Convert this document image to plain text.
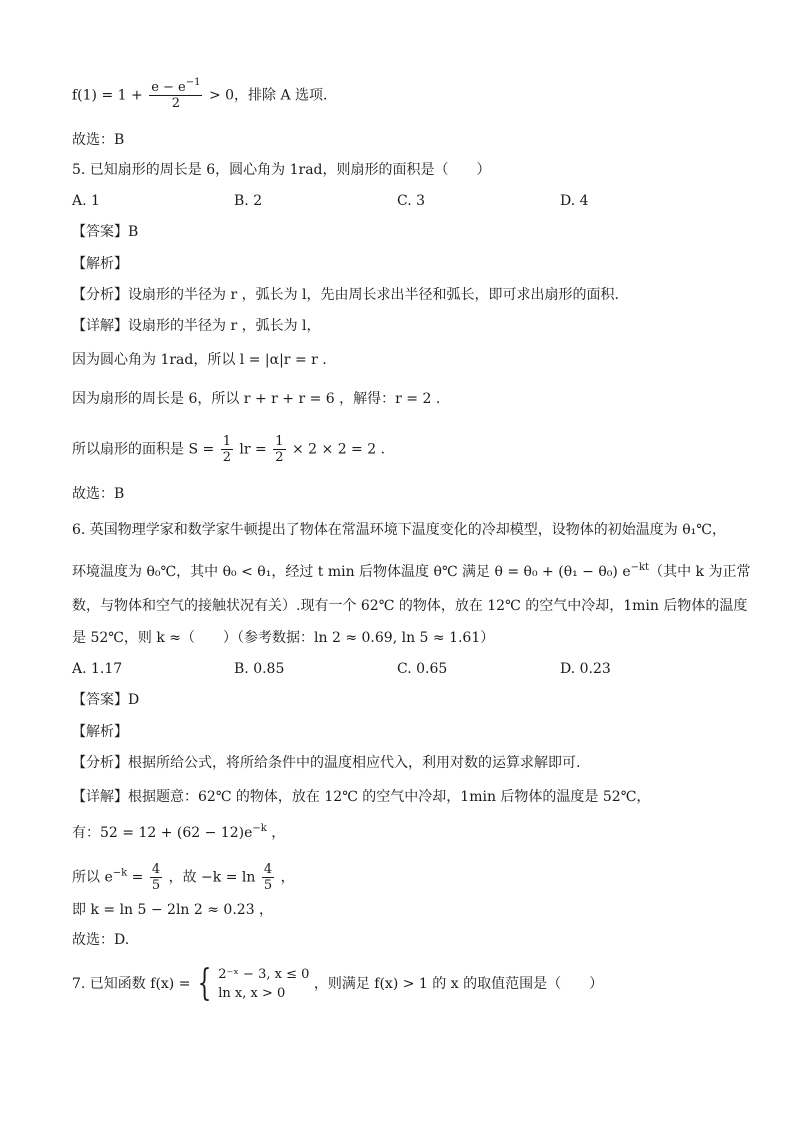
$f(1) = 1 + \frac{e - e^{-1}}{2} > 0$，排除 A 选项.
故选：B
5. 已知扇形的周长是 6，圆心角为 1rad，则扇形的面积是（　　）
A. 1	B. 2	C. 3	D. 4
【答案】B
【解析】
【分析】设扇形的半径为 r ，弧长为 l，先由周长求出半径和弧长，即可求出扇形的面积.
【详解】设扇形的半径为 r ，弧长为 l，
因为圆心角为 1rad，所以 l = |α|r = r .
因为扇形的周长是 6，所以 r + r + r = 6 ，解得：r = 2 .
所以扇形的面积是 $S = \frac{1}{2}$ lr = $\frac{1}{2} \times 2 \times 2 = 2$ .
故选：B
6. 英国物理学家和数学家牛顿提出了物体在常温环境下温度变化的冷却模型，设物体的初始温度为 θ₁℃，
环境温度为 θ₀℃，其中 θ₀ < θ₁，经过 t min 后物体温度 θ℃ 满足 θ = θ₀ + (θ₁ − θ₀) $e^{-kt}$（其中 k 为正常
数，与物体和空气的接触状况有关）.现有一个 62℃ 的物体，放在 12℃ 的空气中冷却，1min 后物体的温度
是 52℃，则 k ≈（　　）（参考数据：ln 2 ≈ 0.69, ln 5 ≈ 1.61）
A. 1.17	B. 0.85	C. 0.65	D. 0.23
【答案】D
【解析】
【分析】根据所给公式，将所给条件中的温度相应代入，利用对数的运算求解即可.
【详解】根据题意：62℃ 的物体，放在 12℃ 的空气中冷却，1min 后物体的温度是 52℃，
有：$52 = 12 + (62 - 12)e^{-k}$ ，
所以 $e^{-k} = \frac{4}{5}$ ，故 $-k = \ln \frac{4}{5}$ ，
即 k = ln 5 − 2ln 2 ≈ 0.23 ，
故选：D.
7. 已知函数 f(x) = { 2⁻ˣ − 3, x ≤ 0
ln x, x > 0
，则满足 f(x) > 1 的 x 的取值范围是（　　）
